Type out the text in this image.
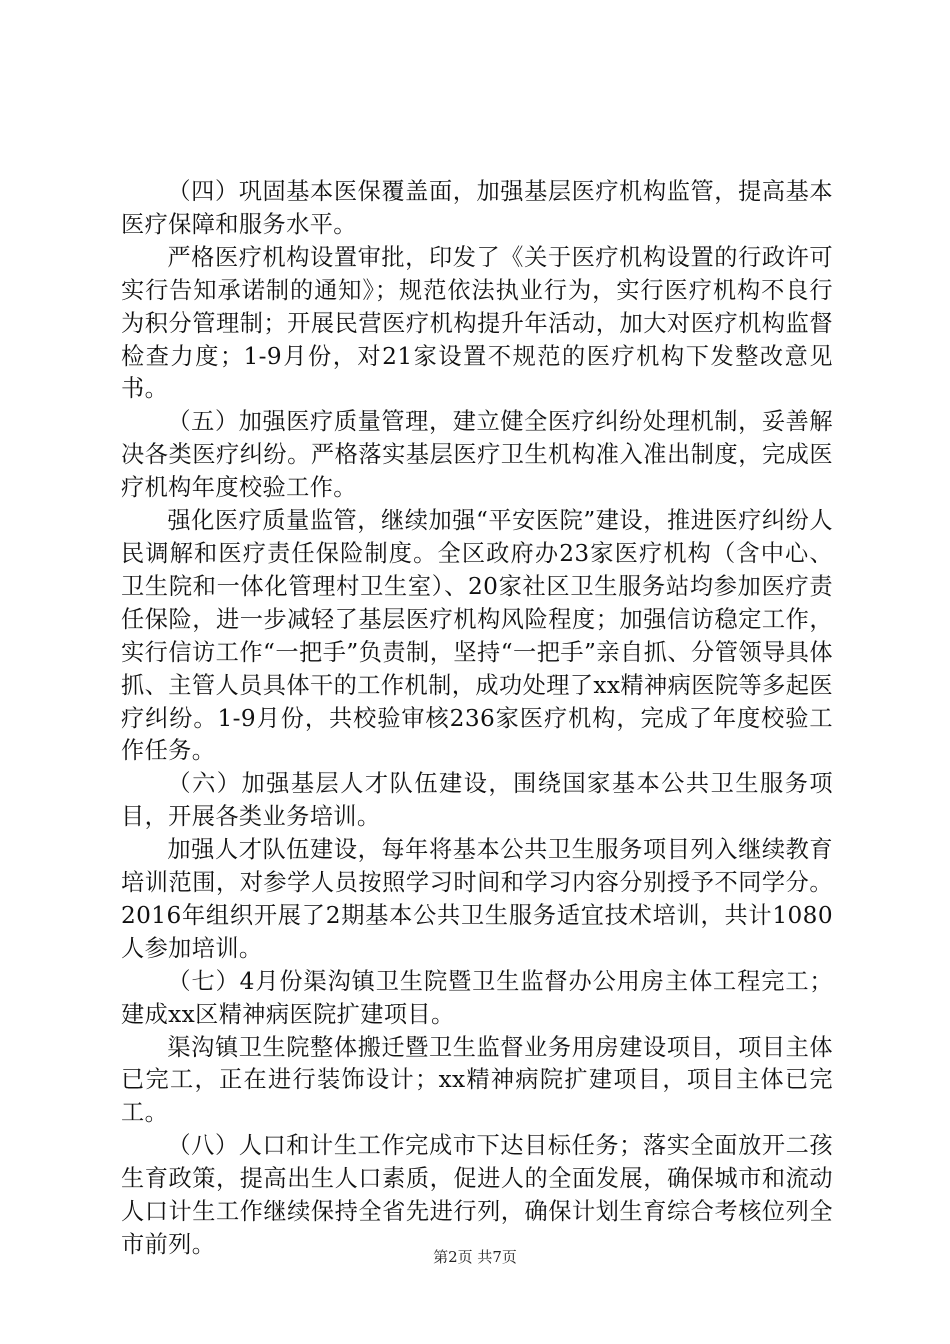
（四）巩固基本医保覆盖面，加强基层医疗机构监管，提高基本医疗保障和服务水平。

严格医疗机构设置审批，印发了《关于医疗机构设置的行政许可实行告知承诺制的通知》；规范依法执业行为，实行医疗机构不良行为积分管理制；开展民营医疗机构提升年活动，加大对医疗机构监督检查力度；1-9月份，对21家设置不规范的医疗机构下发整改意见书。

（五）加强医疗质量管理，建立健全医疗纠纷处理机制，妥善解决各类医疗纠纷。严格落实基层医疗卫生机构准入准出制度，完成医疗机构年度校验工作。

强化医疗质量监管，继续加强“平安医院”建设，推进医疗纠纷人民调解和医疗责任保险制度。全区政府办23家医疗机构（含中心、卫生院和一体化管理村卫生室）、20家社区卫生服务站均参加医疗责任保险，进一步减轻了基层医疗机构风险程度；加强信访稳定工作，实行信访工作“一把手”负责制，坚持“一把手”亲自抓、分管领导具体抓、主管人员具体干的工作机制，成功处理了xx精神病医院等多起医疗纠纷。1-9月份，共校验审核236家医疗机构，完成了年度校验工作任务。

（六）加强基层人才队伍建设，围绕国家基本公共卫生服务项目，开展各类业务培训。

加强人才队伍建设，每年将基本公共卫生服务项目列入继续教育培训范围，对参学人员按照学习时间和学习内容分别授予不同学分。2016年组织开展了2期基本公共卫生服务适宜技术培训，共计1080人参加培训。

（七）4月份渠沟镇卫生院暨卫生监督办公用房主体工程完工；建成xx区精神病医院扩建项目。

渠沟镇卫生院整体搬迁暨卫生监督业务用房建设项目，项目主体已完工，正在进行装饰设计；xx精神病院扩建项目，项目主体已完工。

（八）人口和计生工作完成市下达目标任务；落实全面放开二孩生育政策，提高出生人口素质，促进人的全面发展，确保城市和流动人口计生工作继续保持全省先进行列，确保计划生育综合考核位列全市前列。	第2页 共7页
